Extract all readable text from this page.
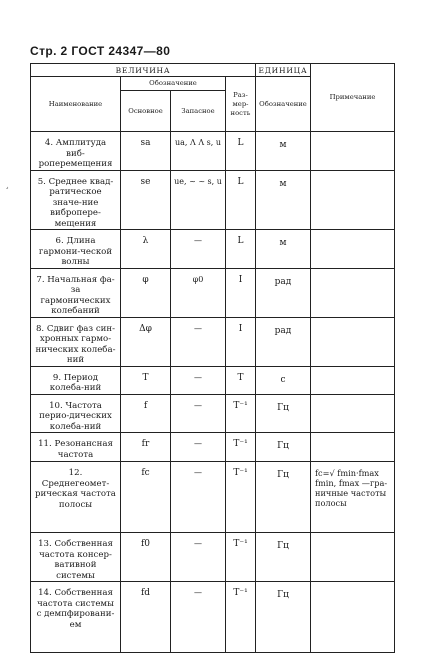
Стр. 2 ГОСТ 24347—80
¸
ВЕЛИЧИНА				ЕДИНИЦА	Примечание
Наименование	Обозначение		Раз-мер-ность	Обозначение	
	Основное	Запасное			
4. Амплитуда виб-роперемещения	sa	ua, Λ Λ s, u	L	м	
5. Среднее квад-ратическое значе-ние вибропере-мещения	se	ue, ~ ~ s, u	L	м	
6. Длина гармони-ческой волны	λ	—	L	м	
7. Начальная фа-за гармонических колебаний	φ	φ0	I	рад	
8. Сдвиг фаз син-хронных гармо-нических колеба-ний	Δφ	—	I	рад	
9. Период колеба-ний	T	—	T	с	
10. Частота перио-дических колеба-ний	f	—	T⁻¹	Гц	
11. Резонансная частота	fr	—	T⁻¹	Гц	
12. Среднегеомет-рическая частота полосы	fc	—	T⁻¹	Гц	fc=√ fmin·fmax fmin, fmax —гра-ничные частоты полосы
13. Собственная частота консер-вативной системы	f0	—	T⁻¹	Гц	
14. Собственная частота системы с демпфировани-ем	fd	—	T⁻¹	Гц	
